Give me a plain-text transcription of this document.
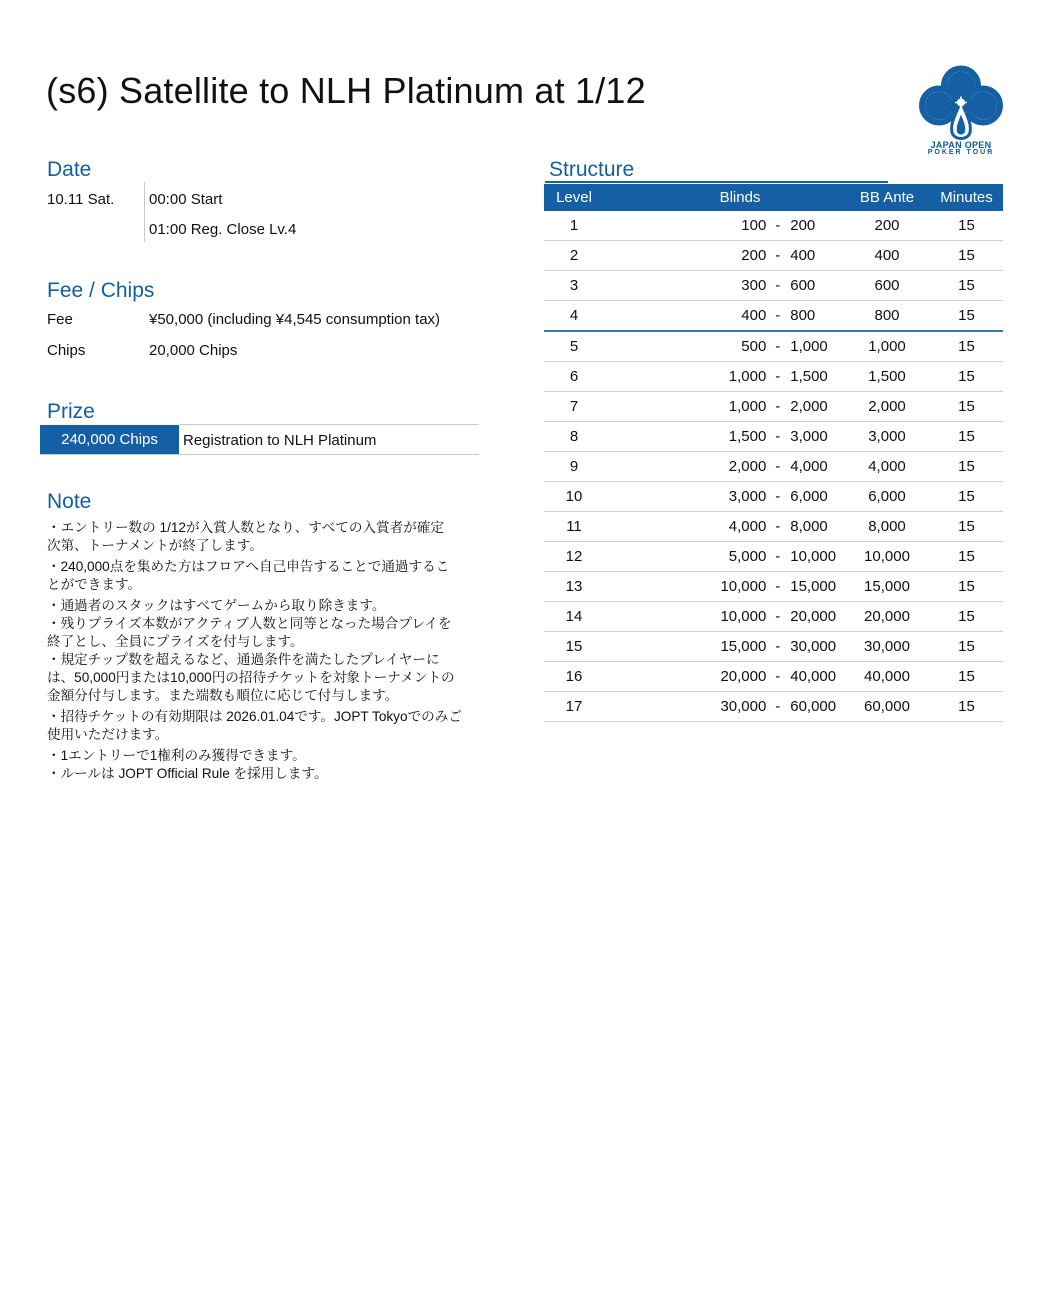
(s6) Satellite to NLH Platinum at 1/12
JAPAN OPEN
POKER TOUR
Date
10.11 Sat. 00:00 Start
01:00 Reg. Close Lv.4
Fee / Chips
Fee	¥50,000 (including ¥4,545 consumption tax)
Chips	20,000 Chips
Prize
240,000 Chips	Registration to NLH Platinum
Note

・エントリー数の 1/12が入賞人数となり、すべての入賞者が確定

次第、トーナメントが終了します。

・240,000点を集めた方はフロアへ自己申告することで通過するこ

とができます。

・通過者のスタックはすべてゲームから取り除きます。

・残りプライズ本数がアクティブ人数と同等となった場合プレイを

終了とし、全員にプライズを付与します。

・規定チップ数を超えるなど、通過条件を満たしたプレイヤーに

は、50,000円または10,000円の招待チケットを対象トーナメントの

金額分付与します。また端数も順位に応じて付与します。

・招待チケットの有効期限は 2026.01.04です。JOPT Tokyoでのみご

使用いただけます。

・1エントリーで1権利のみ獲得できます。

・ルールは JOPT Official Rule を採用します。

Structure
Level	Blinds	BB Ante	Minutes
1	100 - 200	200	15
2	200 - 400	400	15
3	300 - 600	600	15
4	400 - 800	800	15
5	500 - 1,000	1,000	15
6	1,000 - 1,500	1,500	15
7	1,000 - 2,000	2,000	15
8	1,500 - 3,000	3,000	15
9	2,000 - 4,000	4,000	15
10	3,000 - 6,000	6,000	15
11	4,000 - 8,000	8,000	15
12	5,000 - 10,000	10,000	15
13	10,000 - 15,000	15,000	15
14	10,000 - 20,000	20,000	15
15	15,000 - 30,000	30,000	15
16	20,000 - 40,000	40,000	15
17	30,000 - 60,000	60,000	15
